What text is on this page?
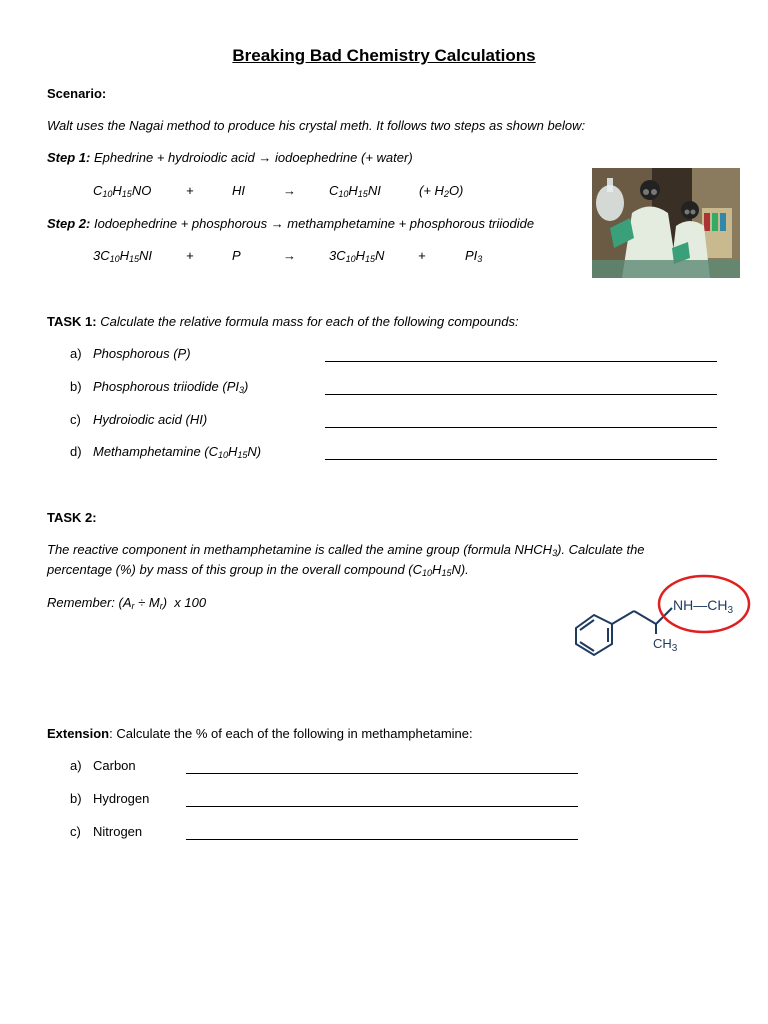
Breaking Bad Chemistry Calculations
Scenario:
Walt uses the Nagai method to produce his crystal meth. It follows two steps as shown below:
Step 1: Ephedrine + hydroiodic acid → iodoephedrine (+ water)
$C_{10}H_{15}NO$	+	HI	→	$C_{10}H_{15}NI$	(+ $H_2O$)
Step 2: Iodoephedrine + phosphorous → methamphetamine + phosphorous triiodide
$3C_{10}H_{15}NI$	+	P	→	$3C_{10}H_{15}N$	+	$PI_3$
TASK 1: Calculate the relative formula mass for each of the following compounds:
a) Phosphorous (P)
b) Phosphorous triiodide $(PI_3)$
c) Hydroiodic acid (HI)
d) Methamphetamine $(C_{10}H_{15}N)$
TASK 2:
The reactive component in methamphetamine is called the amine group (formula $NHCH_3$). Calculate the
percentage (%) by mass of this group in the overall compound $(C_{10}H_{15}N)$.
Remember: $(A_r \div M_r)$  x 100	$NH—CH_3$
$CH_3$
Extension: Calculate the % of each of the following in methamphetamine:
a) Carbon
b) Hydrogen
c) Nitrogen
